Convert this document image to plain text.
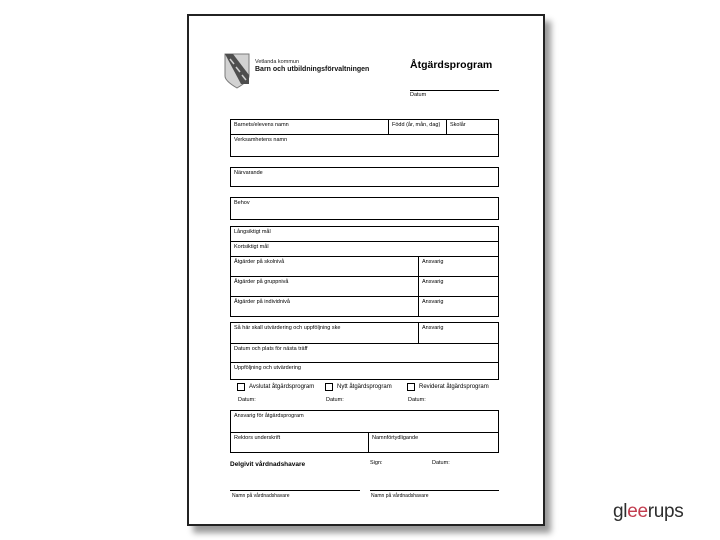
Vetlanda kommun
Barn och utbildningsförvaltningen	Åtgärdsprogram
Datum
Barnets/elevens namn	Född (år, mån, dag)	Skolår
Verksamhetens namn
Närvarande
Behov
Långsiktigt mål
Kortsiktigt mål
Åtgärder på skolnivå	Ansvarig
Åtgärder på gruppnivå	Ansvarig
Åtgärder på individnivå	Ansvarig
Så här skall utvärdering och uppföljning ske	Ansvarig
Datum och plats för nästa träff
Uppföljning och utvärdering
Avslutat åtgärdsprogram
Datum:
Nytt åtgärdsprogram
Datum:
Reviderat åtgärdsprogram
Datum:
Ansvarig för åtgärdsprogram
Rektors underskrift	Namnförtydligande
Sign:	Datum:
Delgivit vårdnadshavare
Namn på vårdnadshavare	Namn på vårdnadshavare
gleerups
